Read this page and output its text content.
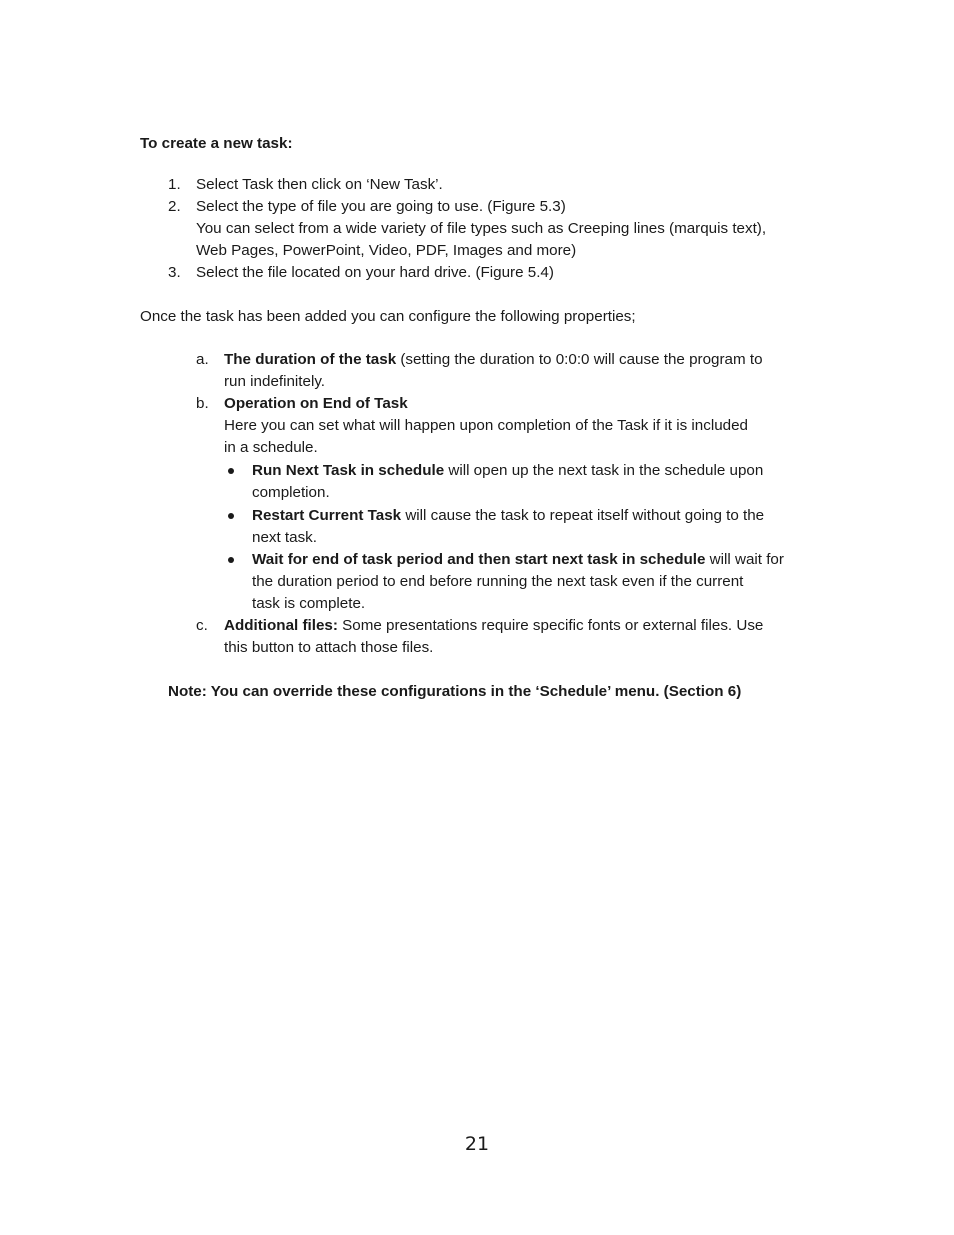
To create a new task:
1. Select Task then click on ‘New Task’.
2. Select the type of file you are going to use. (Figure 5.3)
You can select from a wide variety of file types such as Creeping lines (marquis text),
Web Pages, PowerPoint, Video, PDF, Images and more)
3. Select the file located on your hard drive. (Figure 5.4)
Once the task has been added you can configure the following properties;
a. The duration of the task (setting the duration to 0:0:0 will cause the program to
run indefinitely.
b. Operation on End of Task
Here you can set what will happen upon completion of the Task if it is included
in a schedule.
Run Next Task in schedule will open up the next task in the schedule upon
completion.
Restart Current Task will cause the task to repeat itself without going to the
next task.
Wait for end of task period and then start next task in schedule will wait for
the duration period to end before running the next task even if the current
task is complete.
c. Additional files: Some presentations require specific fonts or external files. Use
this button to attach those files.
Note: You can override these configurations in the ‘Schedule’ menu. (Section 6)
21
